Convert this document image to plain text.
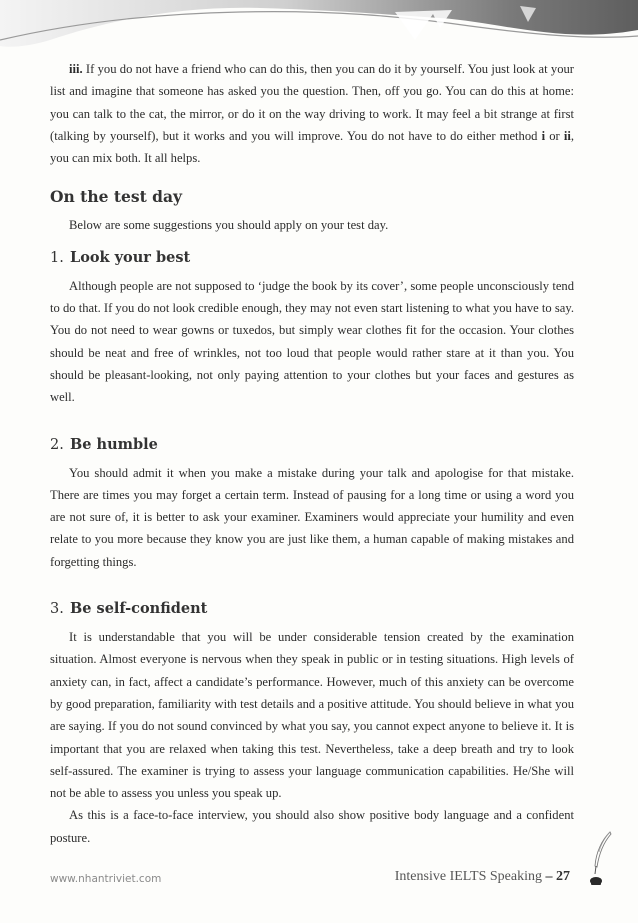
iii. If you do not have a friend who can do this, then you can do it by yourself. You just look at your list and imagine that someone has asked you the question. Then, off you go. You can do this at home: you can talk to the cat, the mirror, or do it on the way driving to work. It may feel a bit strange at first (talking by yourself), but it works and you will improve. You do not have to do either method i or ii, you can mix both. It all helps.

On the test day

Below are some suggestions you should apply on your test day.

1. Look your best

Although people are not supposed to ‘judge the book by its cover’, some people unconsciously tend to do that. If you do not look credible enough, they may not even start listening to what you have to say. You do not need to wear gowns or tuxedos, but simply wear clothes fit for the occasion. Your clothes should be neat and free of wrinkles, not too loud that people would rather stare at it than you. You should be pleasant-looking, not only paying attention to your clothes but your faces and gestures as well.

2. Be humble

You should admit it when you make a mistake during your talk and apologise for that mistake. There are times you may forget a certain term. Instead of pausing for a long time or using a word you are not sure of, it is better to ask your examiner. Examiners would appreciate your humility and even relate to you more because they know you are just like them, a human capable of making mistakes and forgetting things.

3. Be self-confident

It is understandable that you will be under considerable tension created by the examination situation. Almost everyone is nervous when they speak in public or in testing situations. High levels of anxiety can, in fact, affect a candidate’s performance. However, much of this anxiety can be overcome by good preparation, familiarity with test details and a positive attitude. You should believe in what you are saying. If you do not sound convinced by what you say, you cannot expect anyone to believe it. It is important that you are relaxed when taking this test. Nevertheless, take a deep breath and try to look self-assured. The examiner is trying to assess your language communication capabilities. He/She will not be able to assess you unless you speak up.

As this is a face-to-face interview, you should also show positive body language and a confident posture.

www.nhantriviet.com	Intensive IELTS Speaking – 27
